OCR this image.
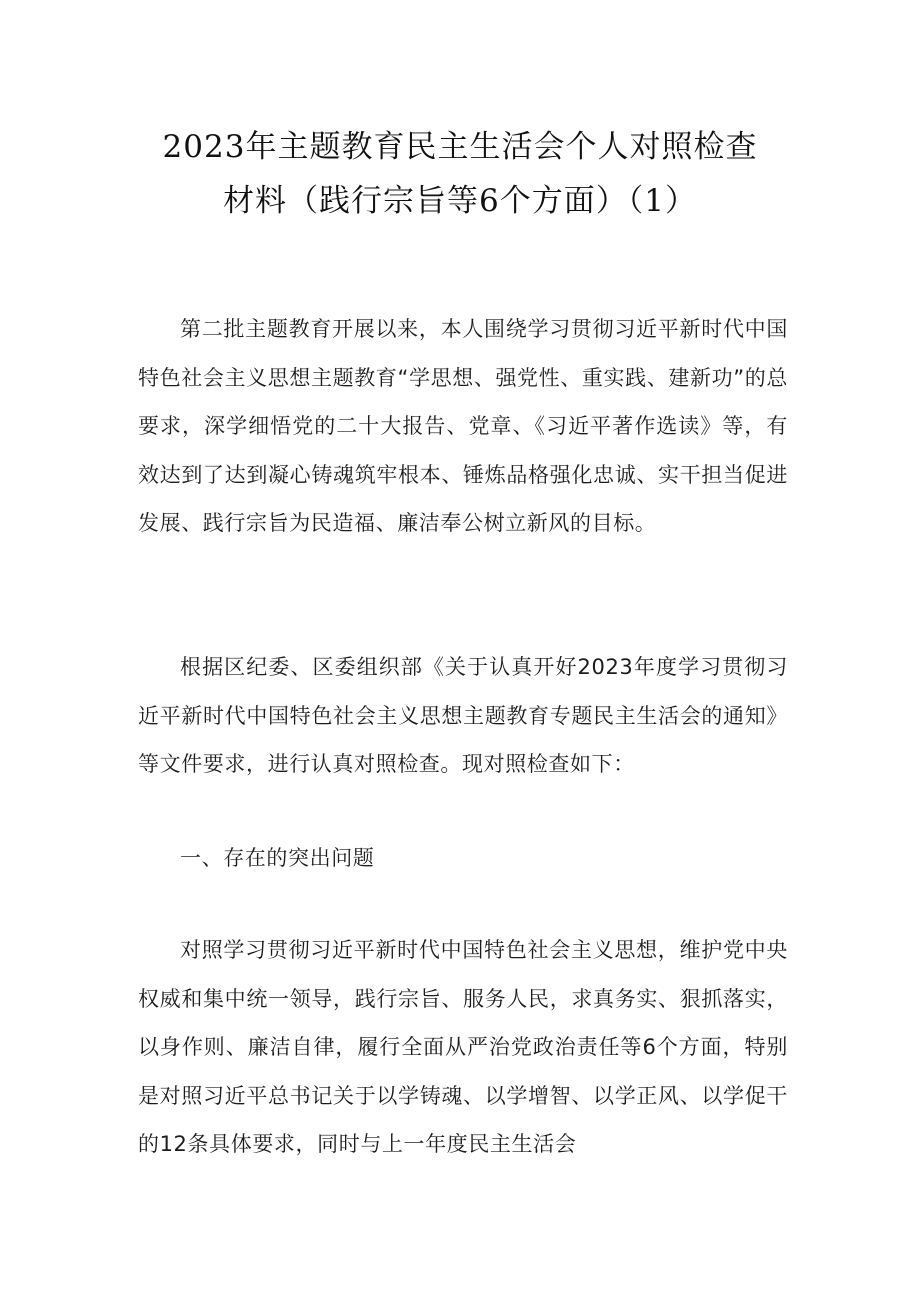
2023年主题教育民主生活会个人对照检查
材料（践行宗旨等6个方面）（1）

第二批主题教育开展以来，本人围绕学习贯彻习近平新时代中国特色社会主义思想主题教育“学思想、强党性、重实践、建新功”的总要求，深学细悟党的二十大报告、党章、《习近平著作选读》等，有效达到了达到凝心铸魂筑牢根本、锤炼品格强化忠诚、实干担当促进发展、践行宗旨为民造福、廉洁奉公树立新风的目标。

根据区纪委、区委组织部《关于认真开好2023年度学习贯彻习近平新时代中国特色社会主义思想主题教育专题民主生活会的通知》等文件要求，进行认真对照检查。现对照检查如下：

一、存在的突出问题

对照学习贯彻习近平新时代中国特色社会主义思想，维护党中央权威和集中统一领导，践行宗旨、服务人民，求真务实、狠抓落实，以身作则、廉洁自律，履行全面从严治党政治责任等6个方面，特别是对照习近平总书记关于以学铸魂、以学增智、以学正风、以学促干的12条具体要求，同时与上一年度民主生活会
